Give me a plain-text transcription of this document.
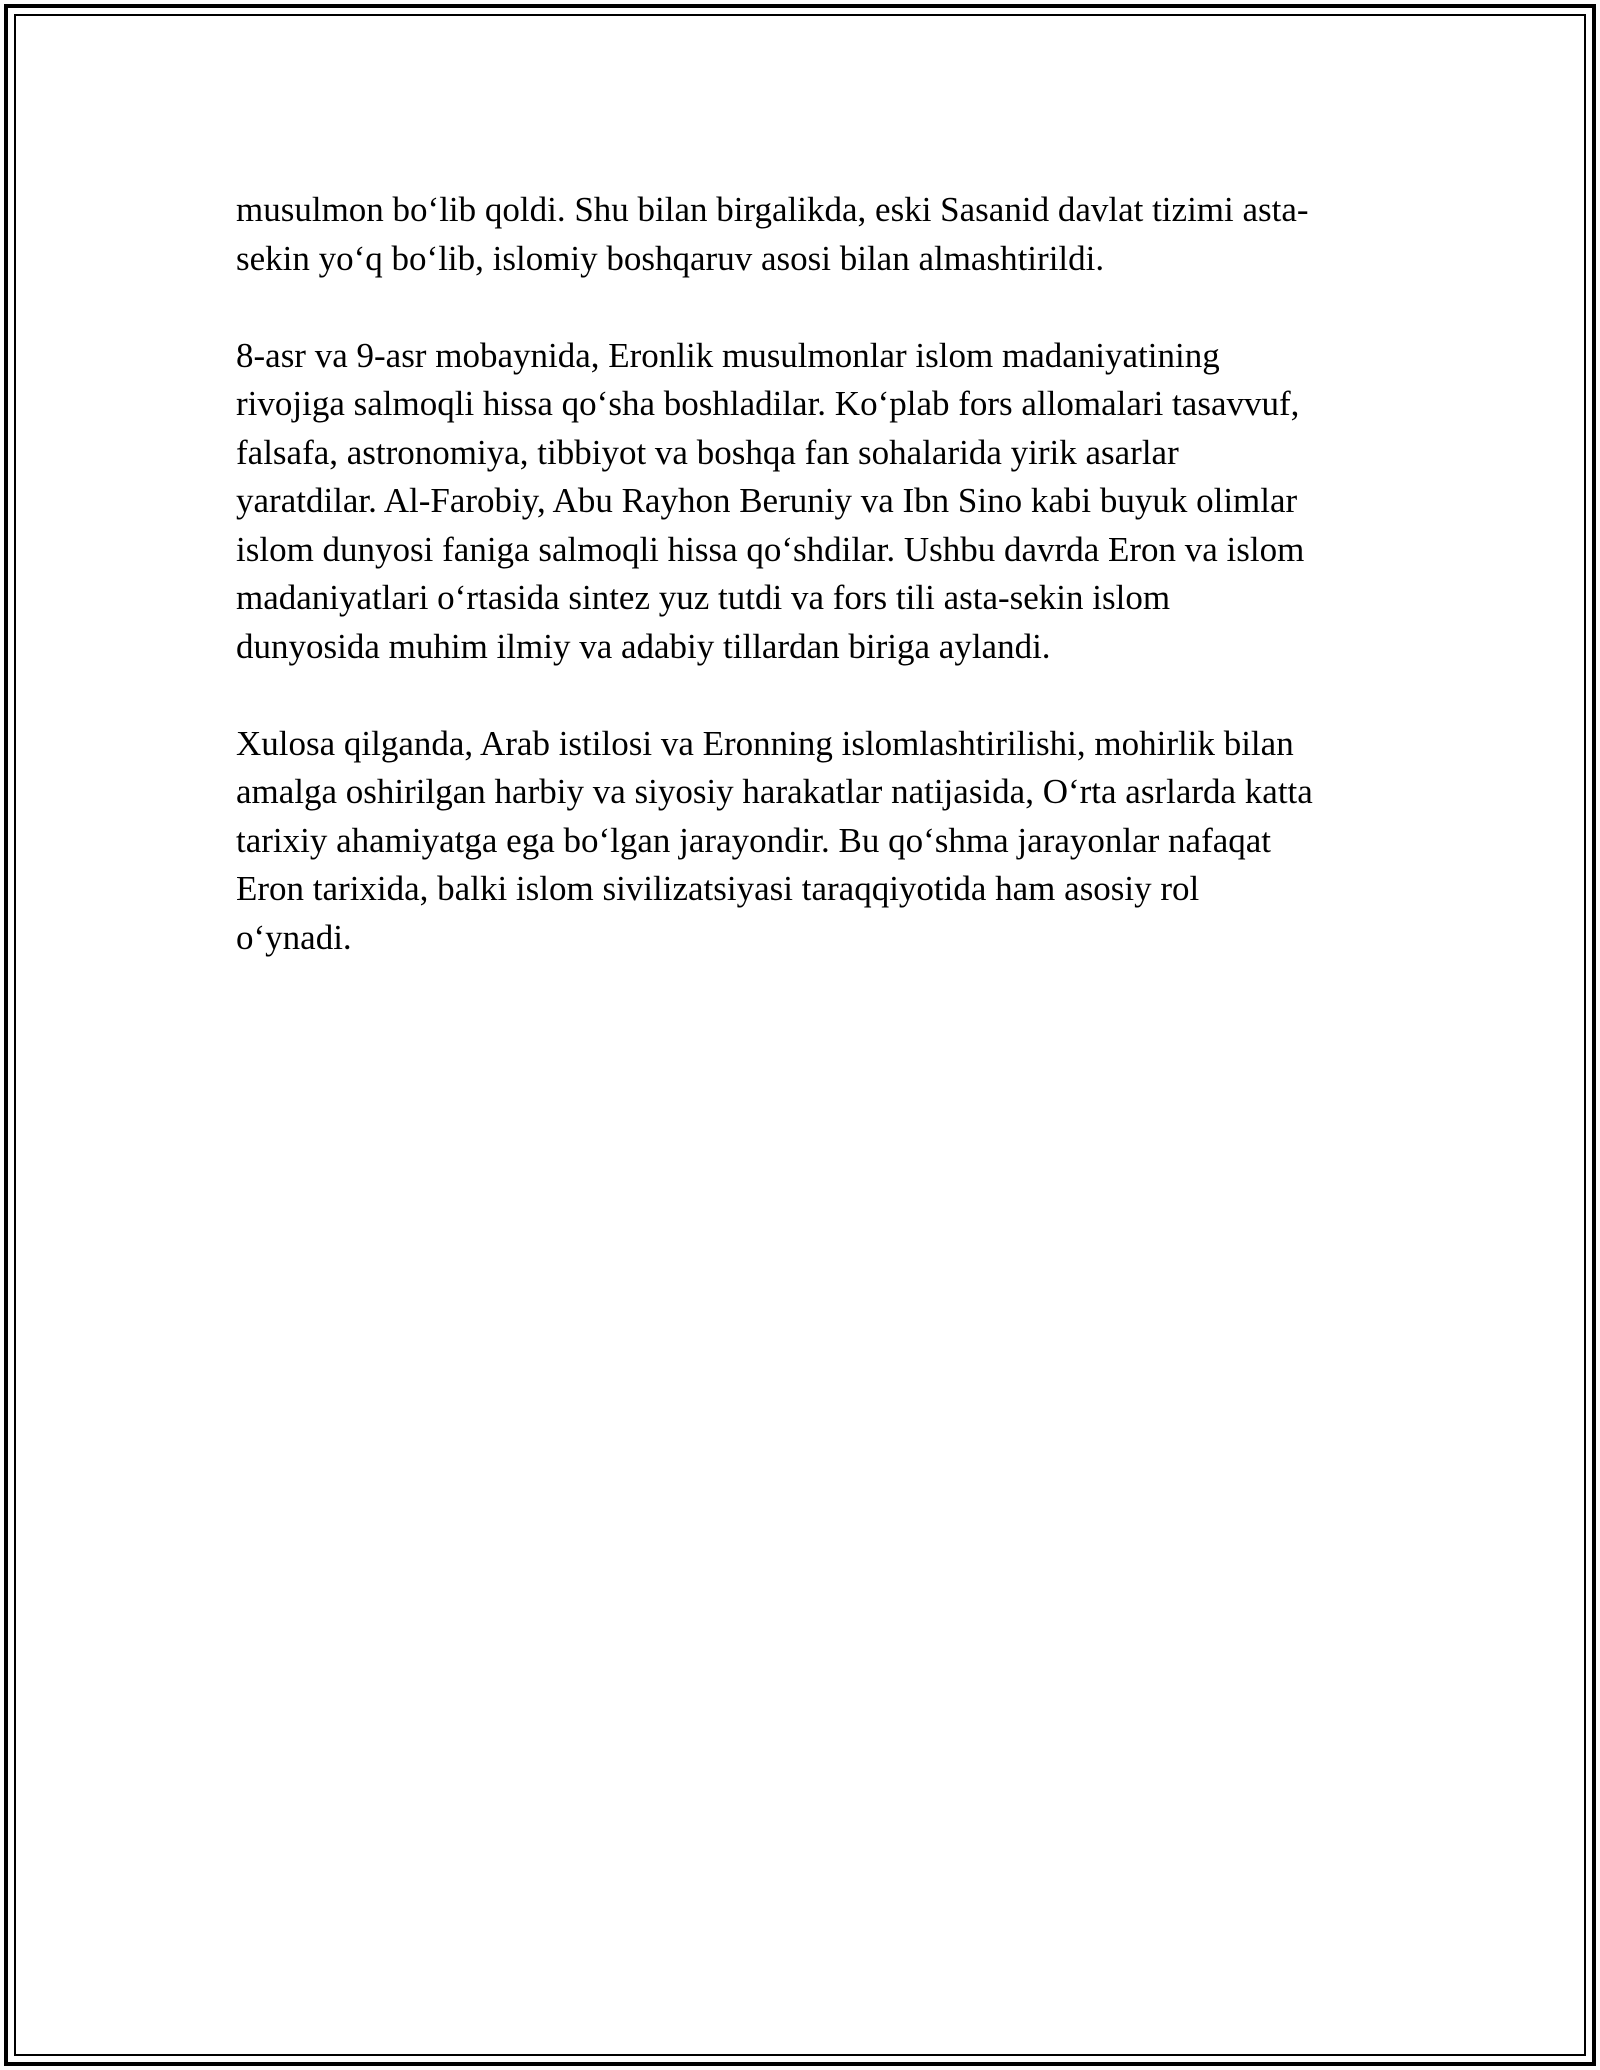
musulmon bo‘lib qoldi. Shu bilan birgalikda, eski Sasanid davlat tizimi asta-
sekin yo‘q bo‘lib, islomiy boshqaruv asosi bilan almashtirildi.

8-asr va 9-asr mobaynida, Eronlik musulmonlar islom madaniyatining
rivojiga salmoqli hissa qo‘sha boshladilar. Ko‘plab fors allomalari tasavvuf,
falsafa, astronomiya, tibbiyot va boshqa fan sohalarida yirik asarlar
yaratdilar. Al-Farobiy, Abu Rayhon Beruniy va Ibn Sino kabi buyuk olimlar
islom dunyosi faniga salmoqli hissa qo‘shdilar. Ushbu davrda Eron va islom
madaniyatlari o‘rtasida sintez yuz tutdi va fors tili asta-sekin islom
dunyosida muhim ilmiy va adabiy tillardan biriga aylandi.

Xulosa qilganda, Arab istilosi va Eronning islomlashtirilishi, mohirlik bilan
amalga oshirilgan harbiy va siyosiy harakatlar natijasida, O‘rta asrlarda katta
tarixiy ahamiyatga ega bo‘lgan jarayondir. Bu qo‘shma jarayonlar nafaqat
Eron tarixida, balki islom sivilizatsiyasi taraqqiyotida ham asosiy rol
o‘ynadi.
